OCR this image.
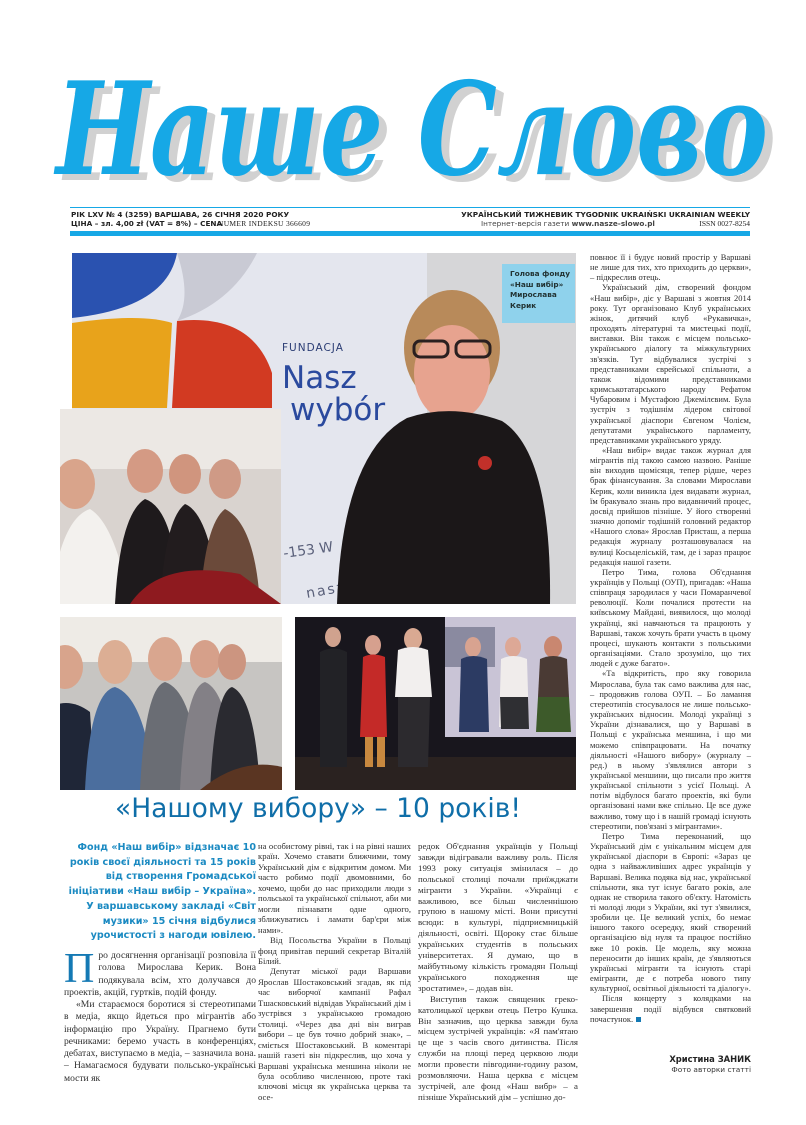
Наше Слово
Наше Слово
РІК LXV № 4 (3259) ВАРШАВА, 26 СІЧНЯ 2020 РОКУ
ЦІНА – зл. 4,00 zł (VAT = 8%) – CENA
NUMER INDEKSU 366609
УКРАЇНСЬКИЙ ТИЖНЕВИК TYGODNIK UKRAIŃSKI UKRAINIAN WEEKLY
Інтернет-версія газети www.nasze-slowo.pl	ISSN 0027-8254
FUNDACJA
Nasz
wybór
-153 W
Голова фонду «Наш вибір» Мирослава Керик
«Нашому вибору» – 10 років!
Фонд «Наш вибір» відзначає 10 років своєї діяльності та 15 років від створення Громадської ініціативи «Наш вибір – Україна». У варшавському закладі «Світ музики» 15 січня відбулися урочистості з нагоди ювілею.

Про досягнення організації розповіла її голова Мирослава Керик. Вона подякувала всім, хто долучався до проектів, акцій, гуртків, подій фонду.

«Ми стараємося боротися зі стереотипами в медіа, якщо йдеться про мігрантів або інформацію про Україну. Прагнемо бути речниками: беремо участь в конференціях, дебатах, виступаємо в медіа, – зазначила вона. – Намагаємося будувати польсько-українські мости як

на особистому рівні, так і на рівні наших країн. Хочемо ставати ближчими, тому Український дім є відкритим домом. Ми часто робимо події двомовними, бо хочемо, щоби до нас приходили люди з польської та української спільнот, аби ми могли пізнавати одне одного, зближуватись і ламати бар'єри між нами».

Від Посольства України в Польщі фонд привітав перший секретар Віталій Білий.

Депутат міської ради Варшави Ярослав Шостаковський згадав, як під час виборчої кампанії Рафал Тшасковський відвідав Український дім і зустрівся з українською громадою столиці. «Через два дні він виграв вибори – це був точно добрий знак», – сміється Шостаковський. В коментарі нашій газеті він підкреслив, що хоча у Варшаві українська меншина ніколи не була особливо численною, проте такі ключові місця як українська церква та осе-

редок Об'єднання українців у Польщі завжди відігравали важливу роль. Після 1993 року ситуація змінилася – до польської столиці почали приїжджати мігранти з України. «Українці є важливою, все більш численнішою групою в нашому місті. Вони присутні всюди: в культурі, підприємницькій діяльності, освіті. Щороку стає більше українських студентів в польських університетах. Я думаю, що в майбутньому кількість громадян Польщі українського походження ще зростатиме», – додав він.

Виступив також священик греко-католицької церкви отець Петро Кушка. Він зазначив, що церква завжди була місцем зустрічей українців: «Я пам'ятаю це ще з часів свого дитинства. Після служби на площі перед церквою люди могли провести півгодини-годину разом, розмовляючи. Наша церква є місцем зустрічей, але фонд «Наш вибр» – а пізніше Український дім – успішно до-

повнює її і будує новий простір у Варшаві не лише для тих, хто приходить до церкви», – підкреслив отець.

Український дім, створений фондом «Наш вибір», діє у Варшаві з жовтня 2014 року. Тут організовано Клуб українських жінок, дитячий клуб «Рукавичка», проходять літературні та мистецькі події, виставки. Він також є місцем польсько-українського діалогу та міжкультурних зв'язків. Тут відбувалися зустрічі з представниками єврейської спільноти, а також відомими представниками кримськотатарського народу Рефатом Чубаровим і Мустафою Джемілєвим. Була зустріч з тодішнім лідером світової української діаспори Євгеном Чолієм, депутатами українського парламенту, представниками українського уряду.

«Наш вибір» видає також журнал для мігрантів під такою самою назвою. Раніше він виходив щомісяця, тепер рідше, через брак фінансування. За словами Мирослави Керик, коли виникла ідея видавати журнал, їм бракувало знань про видавничий процес, досвід прийшов пізніше. У його створенні значно допоміг тодішній головний редактор «Нашого слова» Ярослав Присташ, а перша редакція журналу розташовувалася на вулиці Косьцеліській, там, де і зараз працює редакція нашої газети.

Петро Тима, голова Об'єднання українців у Польщі (ОУП), пригадав: «Наша співпраця зародилася у часи Помаранчевої революції. Коли почалися протести на київському Майдані, виявилося, що молоді українці, які навчаються та працюють у Варшаві, також хочуть брати участь в цьому процесі, шукають контакти з польськими організаціями. Стало зрозуміло, що тих людей є дуже багато».

«Та відкритість, про яку говорила Мирослава, була так само важлива для нас, – продовжив голова ОУП. – Бо ламання стереотипів стосувалося не лише польсько-українських відносин. Молоді українці з України дізнавалися, що у Варшаві в Польщі є українська меншина, і що ми можемо співпрацювати. На початку діяльності «Нашого вибору» (журналу – ред.) в ньому з'являлися автори з української меншини, що писали про життя української спільноти з усієї Польщі. А потім відбулося багато проектів, які були організовані нами вже спільно. Це все дуже важливо, тому що і в нашій громаді існують стереотипи, пов'язані з мігрантами».

Петро Тима переконаний, що Український дім є унікальним місцем для української діаспори в Європі: «Зараз це одна з найважливіших адрес українців у Варшаві. Велика подяка від нас, української спільноти, яка тут існує багато років, але однак не створила такого об'єкту. Натомість ті молоді люди з України, які тут з'явилися, зробили це. Це великий успіх, бо немає іншого такого осередку, який створений організацією від нуля та працює постійно вже 10 років. Це модель, яку можна переносити до інших країн, де з'являються українські мігранти та існують старі емігранти, де є потреба нового типу культурної, освітньої діяльності та діалогу».

Після концерту з колядками на завершення події відбувся святковий почастунок.

Христина ЗАНИК
Фото авторки статті
